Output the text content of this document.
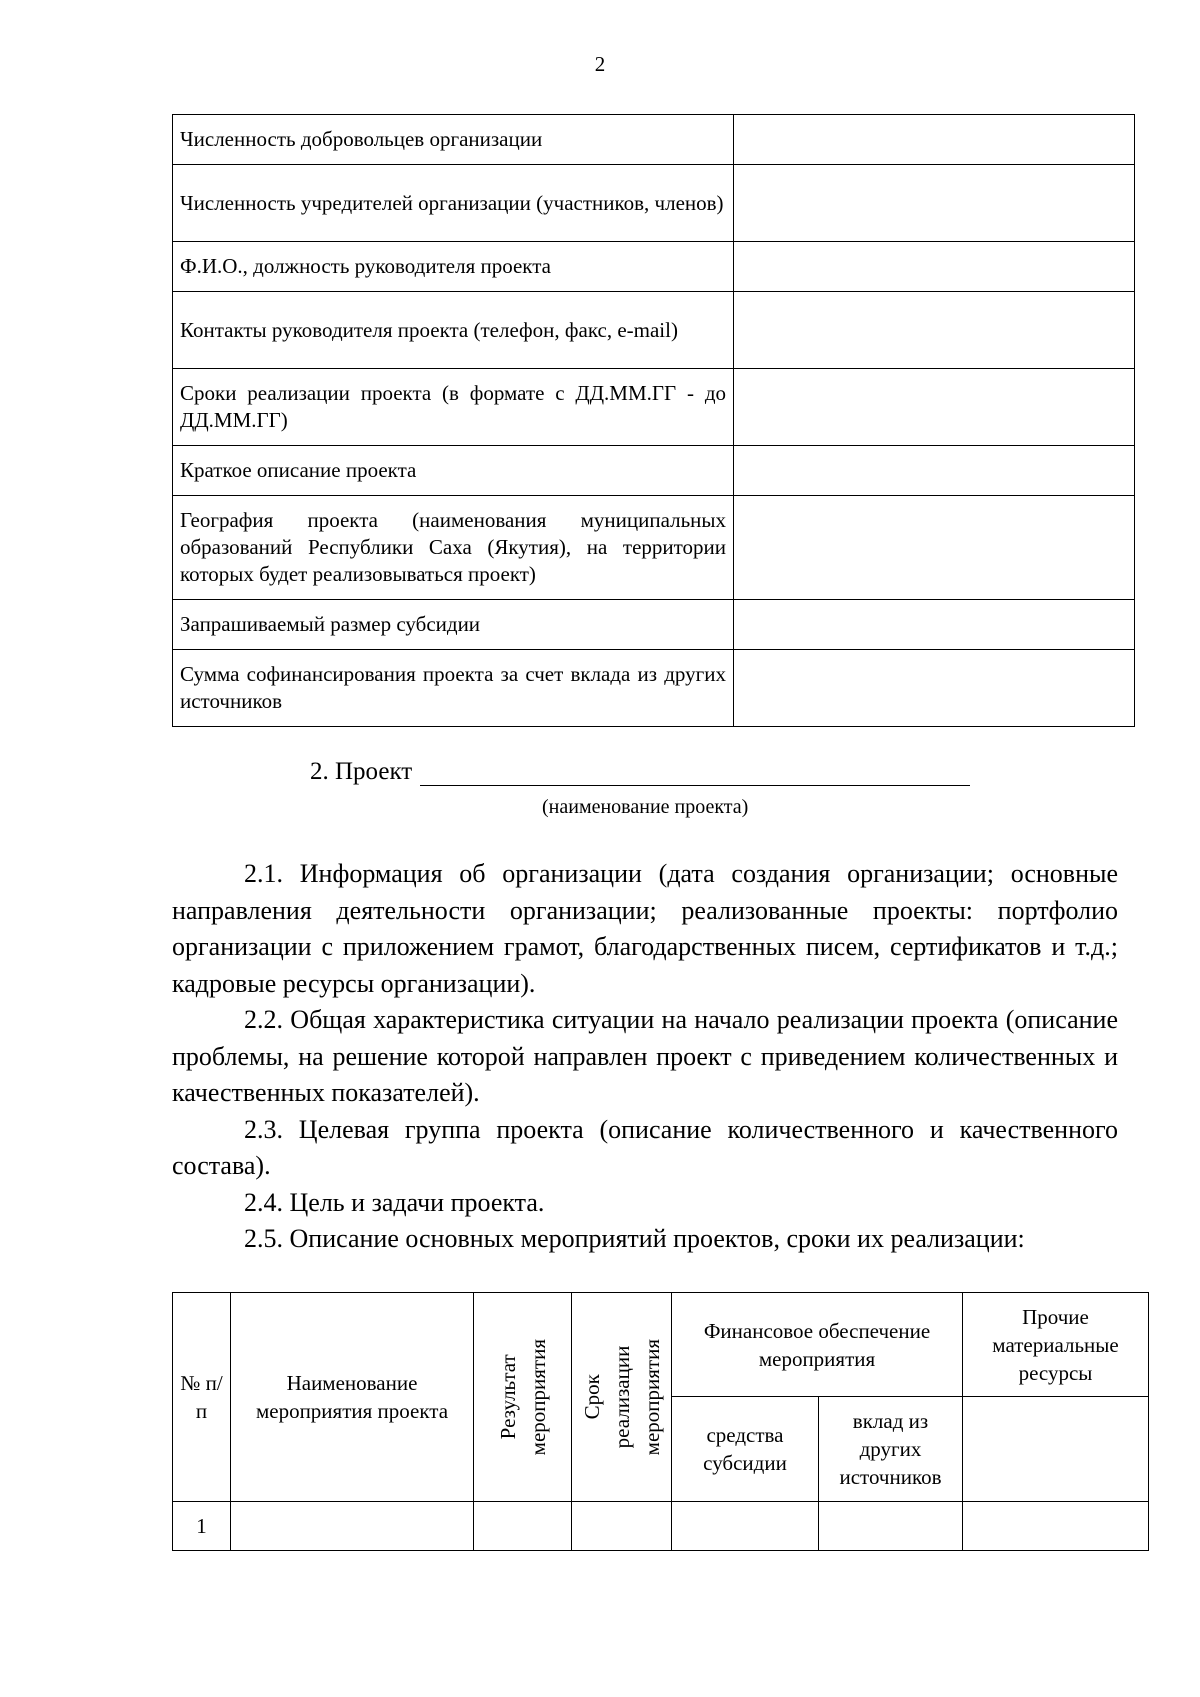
2
Численность добровольцев организации	
Численность учредителей организации (участников, членов)	
Ф.И.О., должность руководителя проекта	
Контакты руководителя проекта (телефон, факс, e-mail)	
Сроки реализации проекта (в формате с ДД.ММ.ГГ - до ДД.ММ.ГГ)	
Краткое описание проекта	
География проекта (наименования муниципальных образований Республики Саха (Якутия), на территории которых будет реализовываться проект)	
Запрашиваемый размер субсидии	
Сумма софинансирования проекта за счет вклада из других источников	
2. Проект
(наименование проекта)

2.1. Информация об организации (дата создания организации; основные направления деятельности организации; реализованные проекты: портфолио организации с приложением грамот, благодарственных писем, сертификатов и т.д.; кадровые ресурсы организации).

2.2. Общая характеристика ситуации на начало реализации проекта (описание проблемы, на решение которой направлен проект с приведением количественных и качественных показателей).

2.3. Целевая группа проекта (описание количественного и качественного состава).

2.4. Цель и задачи проекта.

2.5. Описание основных мероприятий проектов, сроки их реализации:

№ п/п	Наименование мероприятия проекта	Результат мероприятия	Срок реализации мероприятия	Финансовое обеспечение мероприятия		Прочие материальные ресурсы
				средства субсидии	вклад из других источников	
1						
